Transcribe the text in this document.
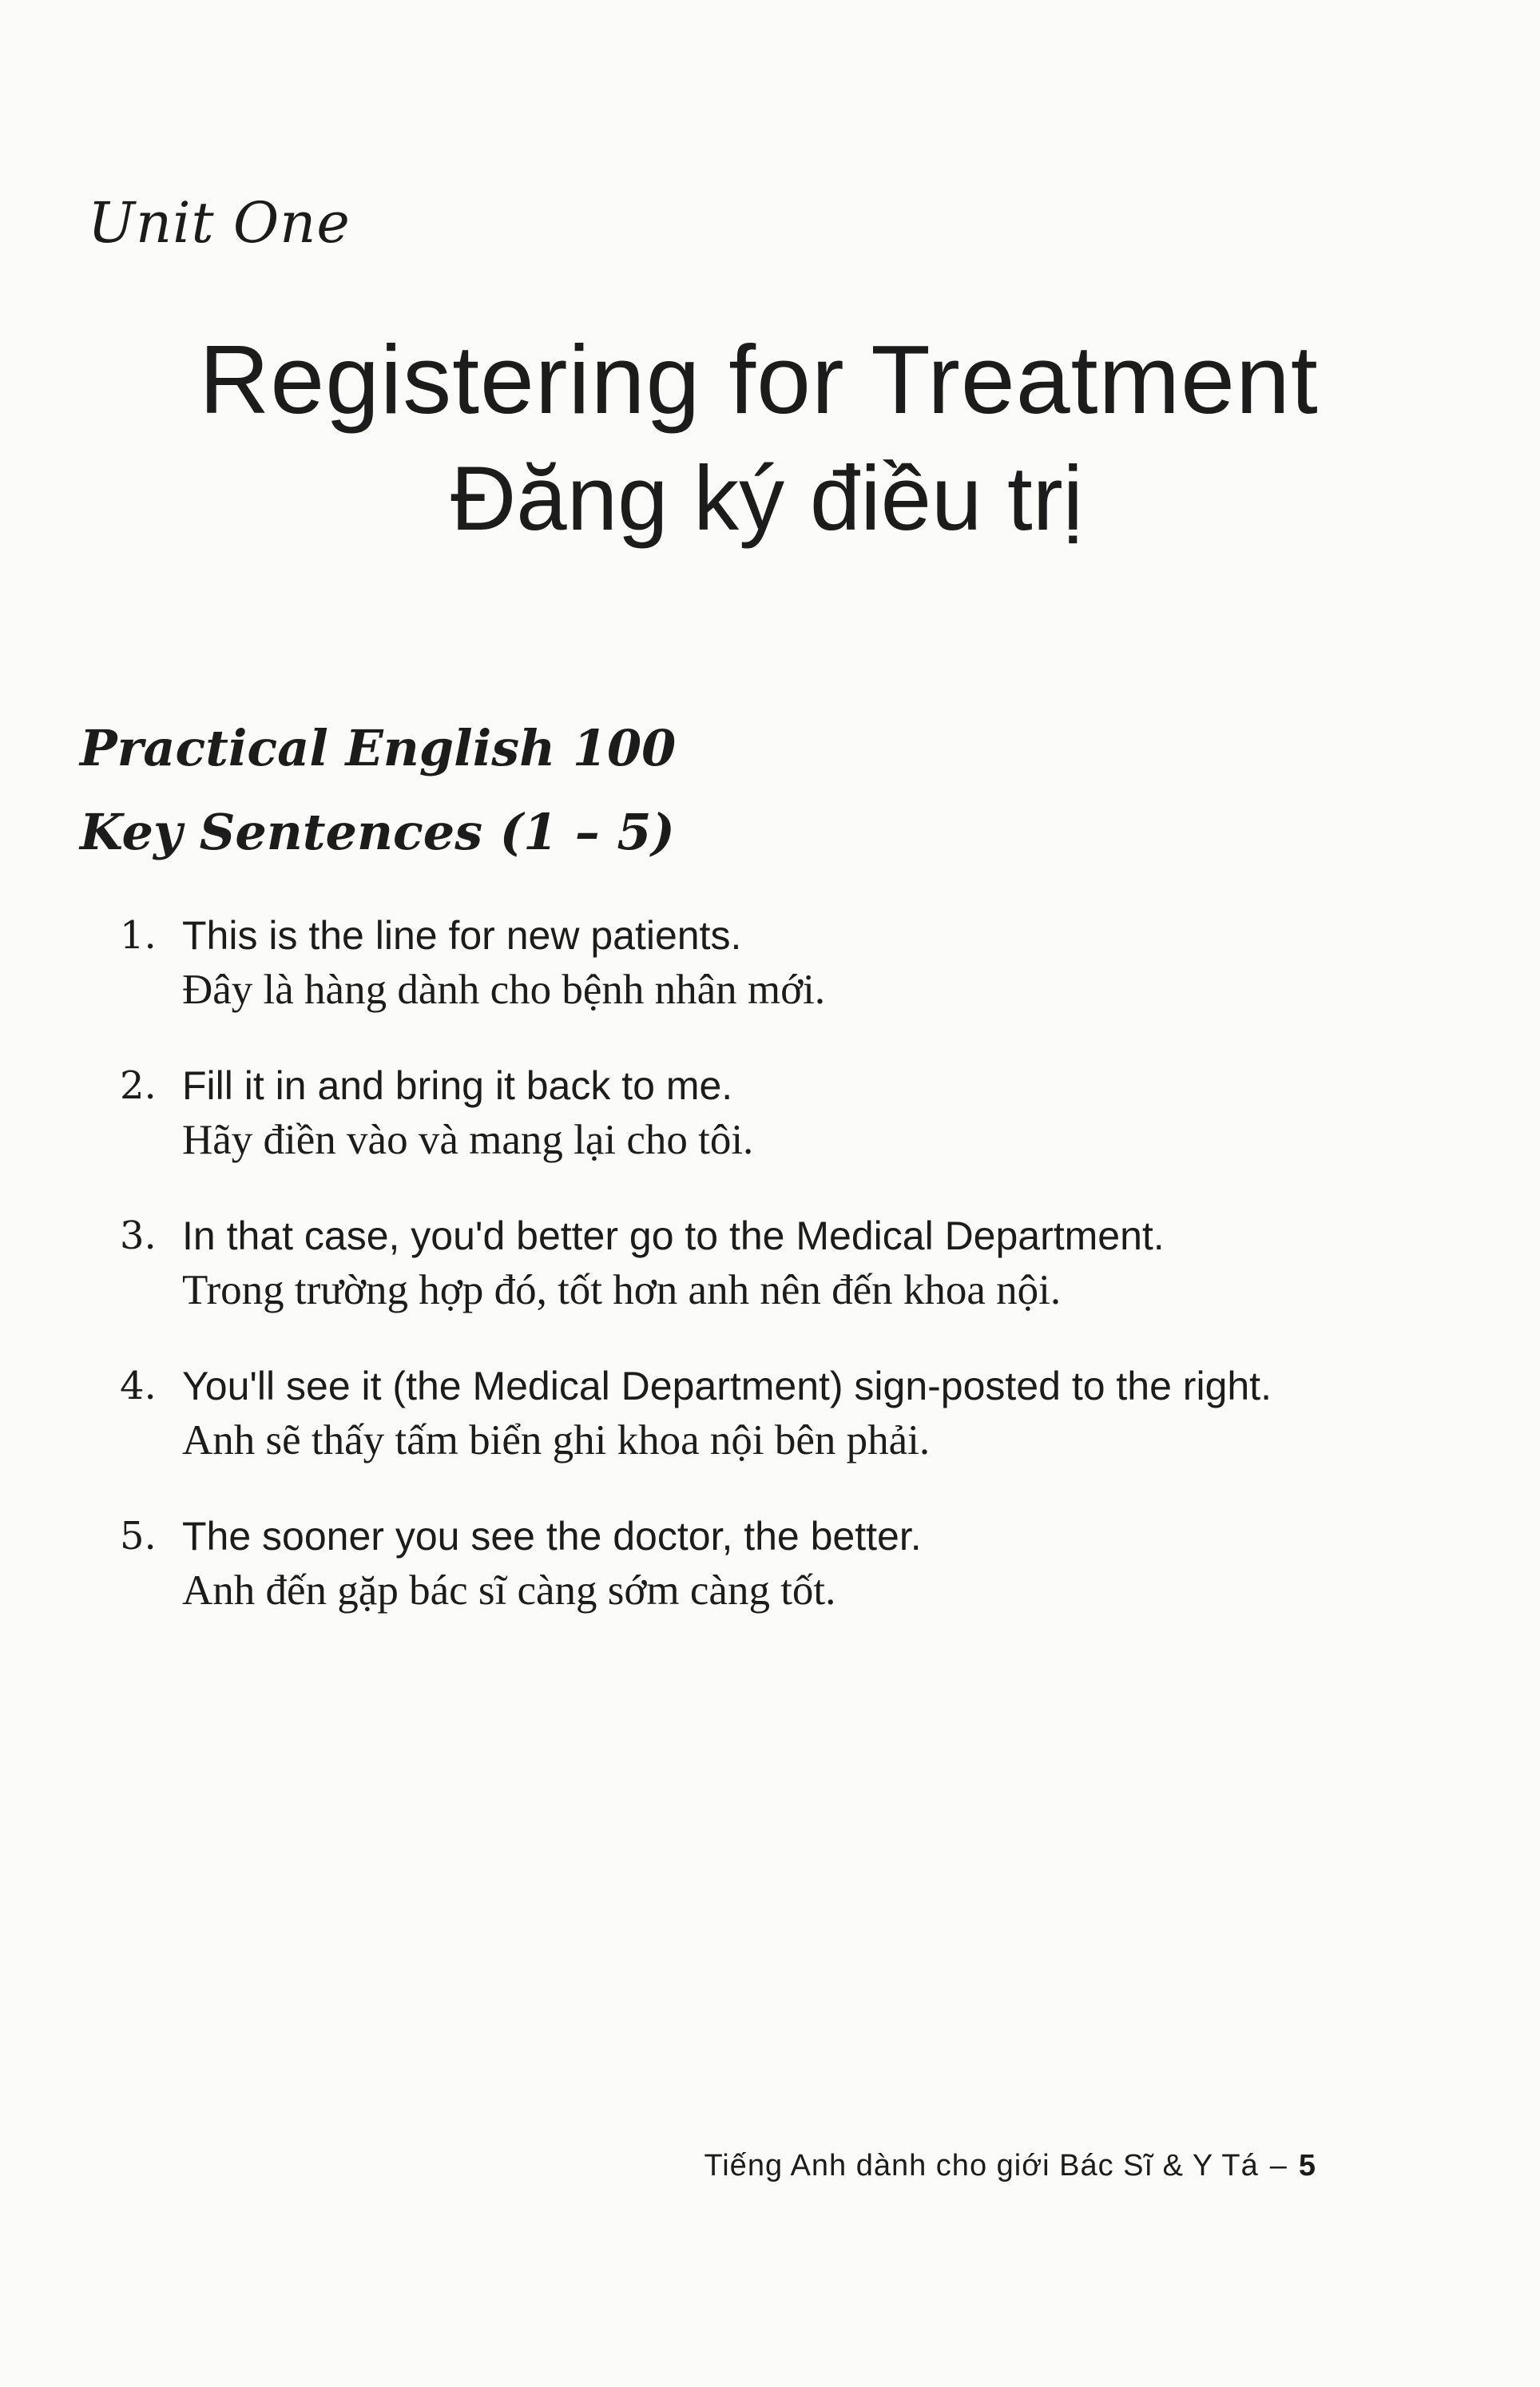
Unit One
Registering for Treatment
Đăng ký điều trị
Practical English 100
Key Sentences (1 – 5)
1. This is the line for new patients.

Đây là hàng dành cho bệnh nhân mới.

2. Fill it in and bring it back to me.

Hãy điền vào và mang lại cho tôi.

3. In that case, you'd better go to the Medical Department.

Trong trường hợp đó, tốt hơn anh nên đến khoa nội.

4. You'll see it (the Medical Department) sign-posted to the right.

Anh sẽ thấy tấm biển ghi khoa nội bên phải.

5. The sooner you see the doctor, the better.

Anh đến gặp bác sĩ càng sớm càng tốt.

Tiếng Anh dành cho giới Bác Sĩ & Y Tá – 5
